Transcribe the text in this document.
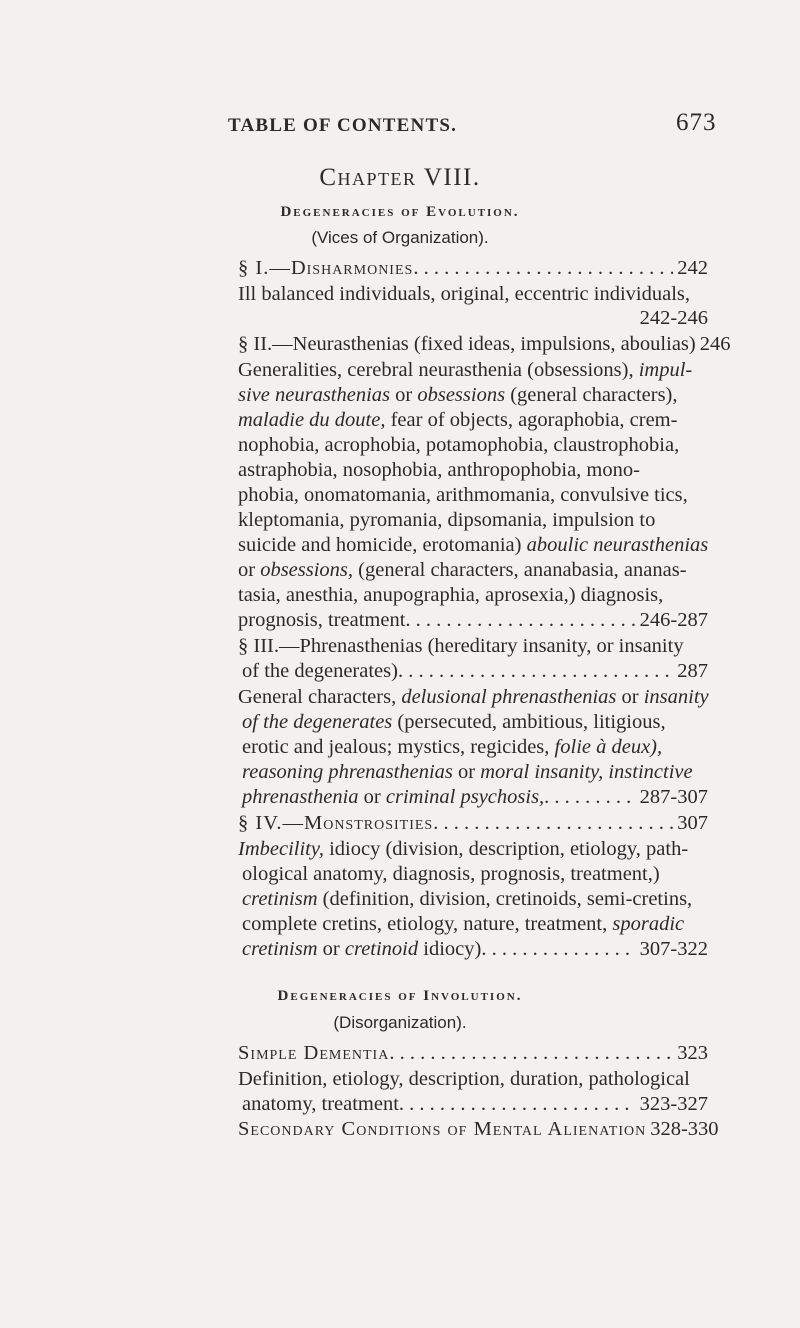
TABLE OF CONTENTS.	673
Chapter VIII.
Degeneracies of Evolution.
(Vices of Organization).
§ I.—Disharmonies . . .	242
Ill balanced individuals, original, eccentric individuals,
242-246
§ II.—Neurasthenias (fixed ideas, impulsions, aboulias) 246
Generalities, cerebral neurasthenia (obsessions), impul-
sive neurasthenias or obsessions (general characters),
maladie du doute, fear of objects, agoraphobia, crem-
nophobia, acrophobia, potamophobia, claustrophobia,
astraphobia, nosophobia, anthropophobia, mono-
phobia, onomatomania, arithmomania, convulsive tics,
kleptomania, pyromania, dipsomania, impulsion to
suicide and homicide, erotomania) aboulic neurasthenias
or obsessions, (general characters, ananabasia, ananas-
tasia, anesthia, anupographia, aprosexia,) diagnosis,
prognosis, treatment . . .	246-287
§ III.—Phrenasthenias (hereditary insanity, or insanity
of the degenerates) . . .	287
General characters, delusional phrenasthenias or insanity
of the degenerates (persecuted, ambitious, litigious,
erotic and jealous; mystics, regicides, folie à deux),
reasoning phrenasthenias or moral insanity, instinctive
phrenasthenia or criminal psychosis, . . .	287-307
§ IV.—Monstrosities . . .	307
Imbecility, idiocy (division, description, etiology, path-
ological anatomy, diagnosis, prognosis, treatment,)
cretinism (definition, division, cretinoids, semi-cretins,
complete cretins, etiology, nature, treatment, sporadic
cretinism or cretinoid idiocy) . . .	307-322
Degeneracies of Involution.
(Disorganization).
Simple Dementia . . .	323
Definition, etiology, description, duration, pathological
anatomy, treatment . . .	323-327
Secondary Conditions of Mental Alienation 328-330
